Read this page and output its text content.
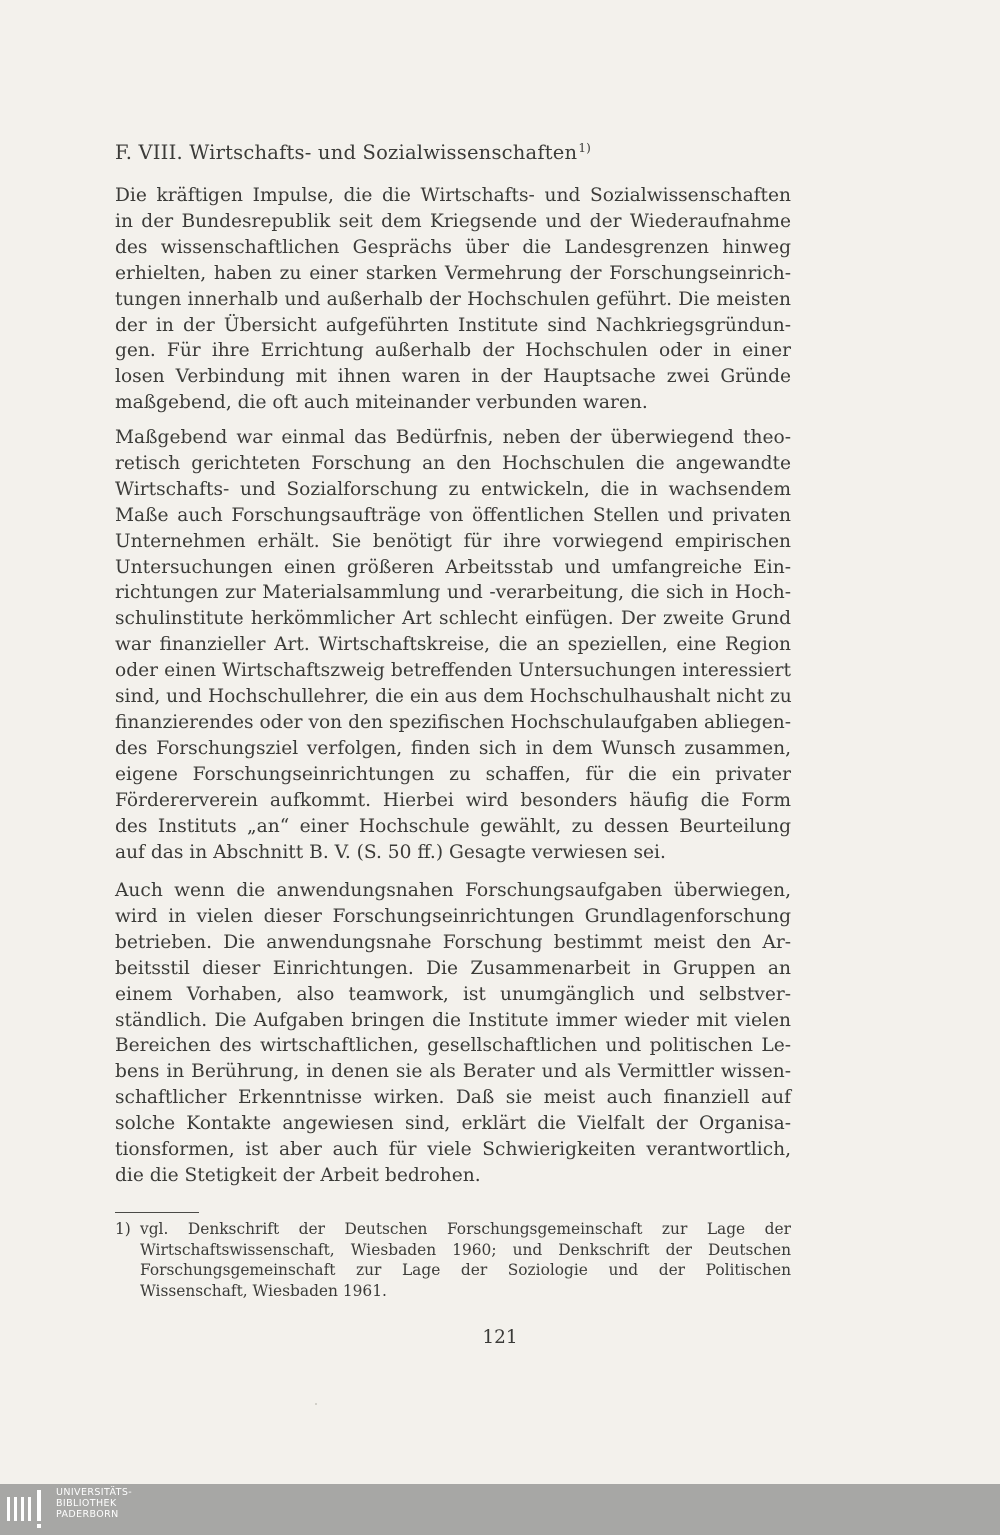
F. VIII. Wirtschafts- und Sozialwissenschaften$^{1)}$
Die kräftigen Impulse, die die Wirtschafts- und Sozialwissenschaften
in der Bundesrepublik seit dem Kriegsende und der Wiederaufnahme
des wissenschaftlichen Gesprächs über die Landesgrenzen hinweg
erhielten, haben zu einer starken Vermehrung der Forschungseinrich-
tungen innerhalb und außerhalb der Hochschulen geführt. Die meisten
der in der Übersicht aufgeführten Institute sind Nachkriegsgründun-
gen. Für ihre Errichtung außerhalb der Hochschulen oder in einer
losen Verbindung mit ihnen waren in der Hauptsache zwei Gründe
maßgebend, die oft auch miteinander verbunden waren.
Maßgebend war einmal das Bedürfnis, neben der überwiegend theo-
retisch gerichteten Forschung an den Hochschulen die angewandte
Wirtschafts- und Sozialforschung zu entwickeln, die in wachsendem
Maße auch Forschungsaufträge von öffentlichen Stellen und privaten
Unternehmen erhält. Sie benötigt für ihre vorwiegend empirischen
Untersuchungen einen größeren Arbeitsstab und umfangreiche Ein-
richtungen zur Materialsammlung und -verarbeitung, die sich in Hoch-
schulinstitute herkömmlicher Art schlecht einfügen. Der zweite Grund
war finanzieller Art. Wirtschaftskreise, die an speziellen, eine Region
oder einen Wirtschaftszweig betreffenden Untersuchungen interessiert
sind, und Hochschullehrer, die ein aus dem Hochschulhaushalt nicht zu
finanzierendes oder von den spezifischen Hochschulaufgaben abliegen-
des Forschungsziel verfolgen, finden sich in dem Wunsch zusammen,
eigene Forschungseinrichtungen zu schaffen, für die ein privater
Fördererverein aufkommt. Hierbei wird besonders häufig die Form
des Instituts „an“ einer Hochschule gewählt, zu dessen Beurteilung
auf das in Abschnitt B. V. (S. 50 ff.) Gesagte verwiesen sei.
Auch wenn die anwendungsnahen Forschungsaufgaben überwiegen,
wird in vielen dieser Forschungseinrichtungen Grundlagenforschung
betrieben. Die anwendungsnahe Forschung bestimmt meist den Ar-
beitsstil dieser Einrichtungen. Die Zusammenarbeit in Gruppen an
einem Vorhaben, also teamwork, ist unumgänglich und selbstver-
ständlich. Die Aufgaben bringen die Institute immer wieder mit vielen
Bereichen des wirtschaftlichen, gesellschaftlichen und politischen Le-
bens in Berührung, in denen sie als Berater und als Vermittler wissen-
schaftlicher Erkenntnisse wirken. Daß sie meist auch finanziell auf
solche Kontakte angewiesen sind, erklärt die Vielfalt der Organisa-
tionsformen, ist aber auch für viele Schwierigkeiten verantwortlich,
die die Stetigkeit der Arbeit bedrohen.
1) vgl. Denkschrift der Deutschen Forschungsgemeinschaft zur Lage der
Wirtschaftswissenschaft, Wiesbaden 1960; und Denkschrift der Deutschen
Forschungsgemeinschaft zur Lage der Soziologie und der Politischen
Wissenschaft, Wiesbaden 1961.
121
UNIVERSITÄTS-
BIBLIOTHEK
PADERBORN
